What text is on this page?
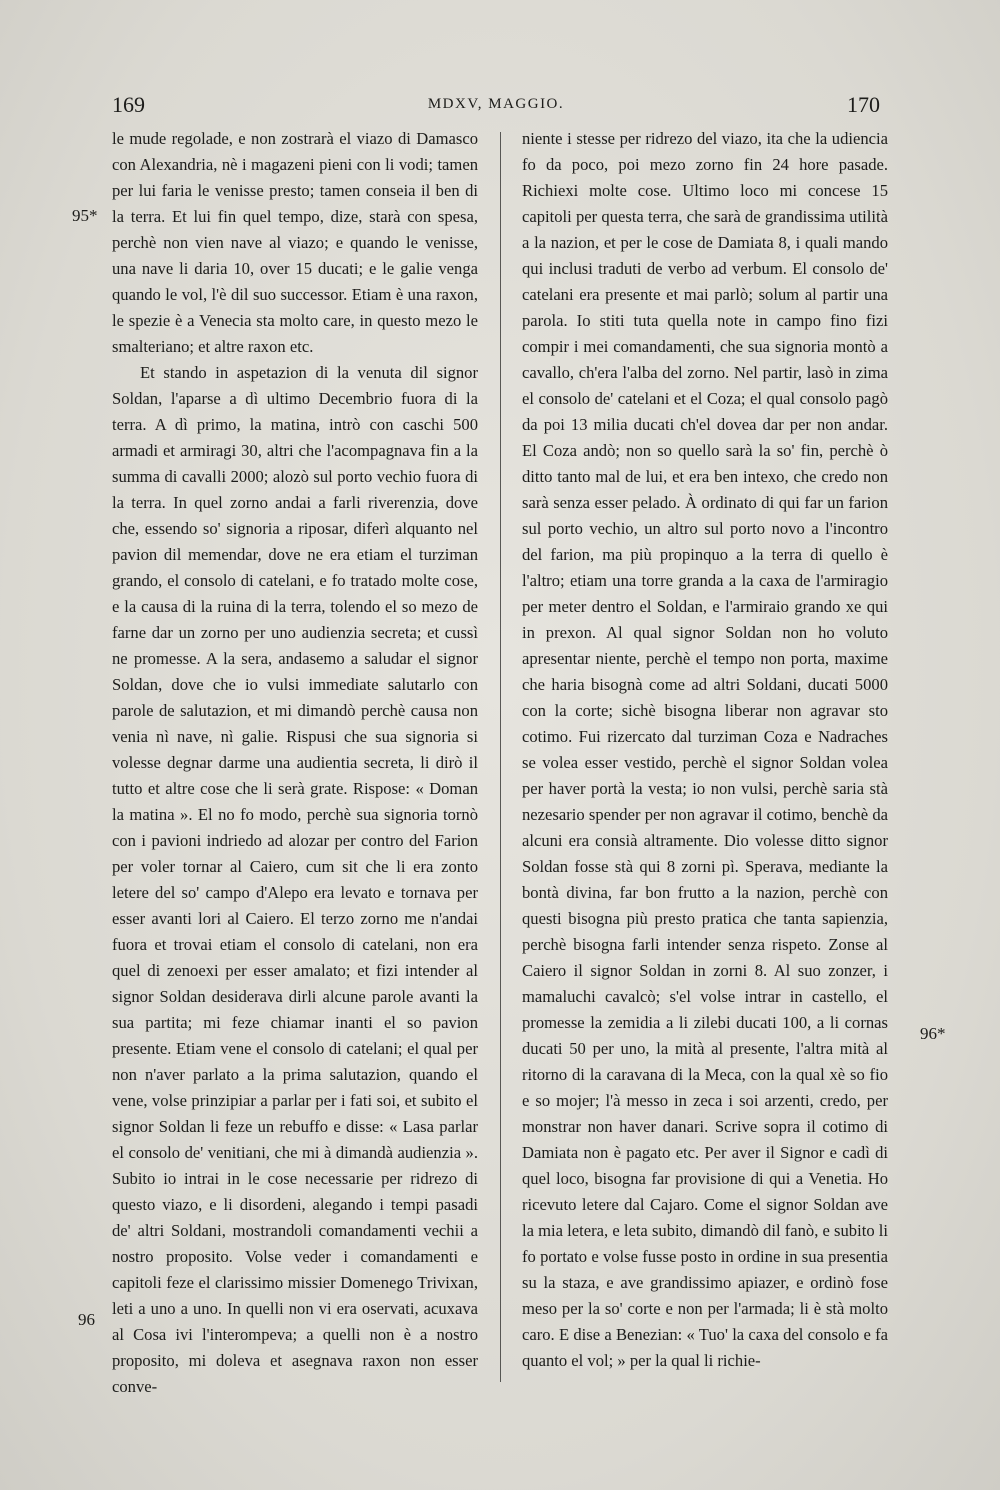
169	MDXV, MAGGIO.	170
95*
96
96*

le mude regolade, e non zostrarà el viazo di Damasco con Alexandria, nè i magazeni pieni con li vodi; tamen per lui faria le venisse presto; tamen conseia il ben di la terra. Et lui fin quel tempo, dize, starà con spesa, perchè non vien nave al viazo; e quando le venisse, una nave li daria 10, over 15 ducati; e le galie venga quando le vol, l'è dil suo successor. Etiam è una raxon, le spezie è a Venecia sta molto care, in questo mezo le smalteriano; et altre raxon etc.

Et stando in aspetazion di la venuta dil signor Soldan, l'aparse a dì ultimo Decembrio fuora di la terra. A dì primo, la matina, intrò con caschi 500 armadi et armiragi 30, altri che l'acompagnava fin a la summa di cavalli 2000; alozò sul porto vechio fuora di la terra. In quel zorno andai a farli riverenzia, dove che, essendo so' signoria a riposar, diferì alquanto nel pavion dil memendar, dove ne era etiam el turziman grando, el consolo di catelani, e fo tratado molte cose, e la causa di la ruina di la terra, tolendo el so mezo de farne dar un zorno per uno audienzia secreta; et cussì ne promesse. A la sera, andasemo a saludar el signor Soldan, dove che io vulsi immediate salutarlo con parole de salutazion, et mi dimandò perchè causa non venia nì nave, nì galie. Rispusi che sua signoria si volesse degnar darme una audientia secreta, li dirò il tutto et altre cose che li serà grate. Rispose: « Doman la matina ». El no fo modo, perchè sua signoria tornò con i pavioni indriedo ad alozar per contro del Farion per voler tornar al Caiero, cum sit che li era zonto letere del so' campo d'Alepo era levato e tornava per esser avanti lori al Caiero. El terzo zorno me n'andai fuora et trovai etiam el consolo di catelani, non era quel di zenoexi per esser amalato; et fizi intender al signor Soldan desiderava dirli alcune parole avanti la sua partita; mi feze chiamar inanti el so pavion presente. Etiam vene el consolo di catelani; el qual per non n'aver parlato a la prima salutazion, quando el vene, volse prinzipiar a parlar per i fati soi, et subito el signor Soldan li feze un rebuffo e disse: « Lasa parlar el consolo de' venitiani, che mi à dimandà audienzia ». Subito io intrai in le cose necessarie per ridrezo di questo viazo, e li disordeni, alegando i tempi pasadi de' altri Soldani, mostrandoli comandamenti vechii a nostro proposito. Volse veder i comandamenti e capitoli feze el clarissimo missier Domenego Trivixan, leti a uno a uno. In quelli non vi era oservati, acuxava al Cosa ivi l'interompeva; a quelli non è a nostro proposito, mi doleva et asegnava raxon non esser conve-

niente i stesse per ridrezo del viazo, ita che la udiencia fo da poco, poi mezo zorno fin 24 hore pasade. Richiexi molte cose. Ultimo loco mi concese 15 capitoli per questa terra, che sarà de grandissima utilità a la nazion, et per le cose de Damiata 8, i quali mando qui inclusi traduti de verbo ad verbum. El consolo de' catelani era presente et mai parlò; solum al partir una parola. Io stiti tuta quella note in campo fino fizi compir i mei comandamenti, che sua signoria montò a cavallo, ch'era l'alba del zorno. Nel partir, lasò in zima el consolo de' catelani et el Coza; el qual consolo pagò da poi 13 milia ducati ch'el dovea dar per non andar. El Coza andò; non so quello sarà la so' fin, perchè ò ditto tanto mal de lui, et era ben intexo, che credo non sarà senza esser pelado. À ordinato di qui far un farion sul porto vechio, un altro sul porto novo a l'incontro del farion, ma più propinquo a la terra di quello è l'altro; etiam una torre granda a la caxa de l'armiragio per meter dentro el Soldan, e l'armiraio grando xe qui in prexon. Al qual signor Soldan non ho voluto apresentar niente, perchè el tempo non porta, maxime che haria bisognà come ad altri Soldani, ducati 5000 con la corte; sichè bisogna liberar non agravar sto cotimo. Fui rizercato dal turziman Coza e Nadraches se volea esser vestido, perchè el signor Soldan volea per haver portà la vesta; io non vulsi, perchè saria stà nezesario spender per non agravar il cotimo, benchè da alcuni era consià altramente. Dio volesse ditto signor Soldan fosse stà qui 8 zorni pì. Sperava, mediante la bontà divina, far bon frutto a la nazion, perchè con questi bisogna più presto pratica che tanta sapienzia, perchè bisogna farli intender senza rispeto. Zonse al Caiero il signor Soldan in zorni 8. Al suo zonzer, i mamaluchi cavalcò; s'el volse intrar in castello, el promesse la zemidia a li zilebi ducati 100, a li cornas ducati 50 per uno, la mità al presente, l'altra mità al ritorno di la caravana di la Meca, con la qual xè so fio e so mojer; l'à messo in zeca i soi arzenti, credo, per monstrar non haver danari. Scrive sopra il cotimo di Damiata non è pagato etc. Per aver il Signor e cadì di quel loco, bisogna far provisione di qui a Venetia. Ho ricevuto letere dal Cajaro. Come el signor Soldan ave la mia letera, e leta subito, dimandò dil fanò, e subito li fo portato e volse fusse posto in ordine in sua presentia su la staza, e ave grandissimo apiazer, e ordinò fose meso per la so' corte e non per l'armada; li è stà molto caro. E dise a Benezian: « Tuo' la caxa del consolo e fa quanto el vol; » per la qual li richie-
